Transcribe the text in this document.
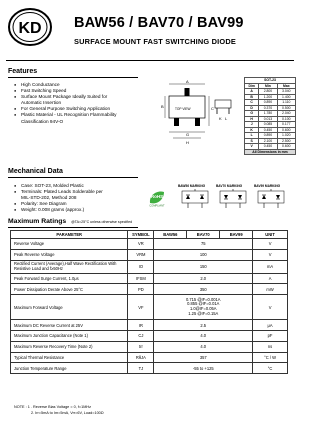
KD BAW56 / BAV70 / BAV99
SURFACE MOUNT FAST SWITCHING DIODE
Features
● High Conductance
● Fast Switching Speed
● Surface Mount Package Ideally Suited for
Automatic Insertion
● For General Purpose Switching Application
● Plastic Material - UL Recognition Flammability
Classification 94V-O
B	C
A
G
H
TOP VIEW
K L
SOT-23		
Dim	Min	Max
A	2.800	3.040
B	1.200	1.400
C	0.890	1.110
D	0.370	0.500
G	1.780	2.040
H	0.013	0.100
J	0.085	0.177
K	0.450	0.600
L	0.890	1.020
S	2.100	2.500
V	0.450	0.600
All Dimensions in mm		
Mechanical Data
● Case: SOT-23, Molded Plastic
● Terminals: Plated Leads Solderable per
MIL-STD-202, Method 208
● Polarity: See Diagram
● Weight: 0.008 grams (approx.)
RoHS
COMPLIANT
BAW56 MARKING	BAV70 MARKING	BAV99 MARKING
Maximum Ratings @TA=25°C unless otherwise specified
PARAMETER	SYMBOL	BAW56	BAV70	BAV99	UNIT
Reverse Voltage	VR	75			V
Peak Reverse Voltage	VRM	100			V
Rectified Current (Average),Half Wave Rectification With Resistive Load and f≥50Hz	IO	150			mA
Peak Forward Surge Current, 1.0μs	IFSM	2.0			A
Power Dissipation Derate Above 25°C	PD	350			mW
Maximum Forward Voltage	VF	0.715 @IF=0.001A
0.855 @IF=0.01A
1.0@IF=0.05A
1.25 @IF=0.15A			V
Maximum DC Reverse Current at 25V	IR	2.5			μA
Maximum Junction Capacitance (Note 1)	CJ	4.0			pF
Maximum Reverse Recovery Time (Note 2)	trr	4.0			ns
Typical Thermal Resistance	RθJA	357			°C / W
Junction Temperature Range	TJ	-55 to +125			°C
NOTE : 1 . Reverse Bias Voltage = 0, f=1MHz
2. Irr=5mA to Im=5mA, Vrr=6V, Load=100Ω
